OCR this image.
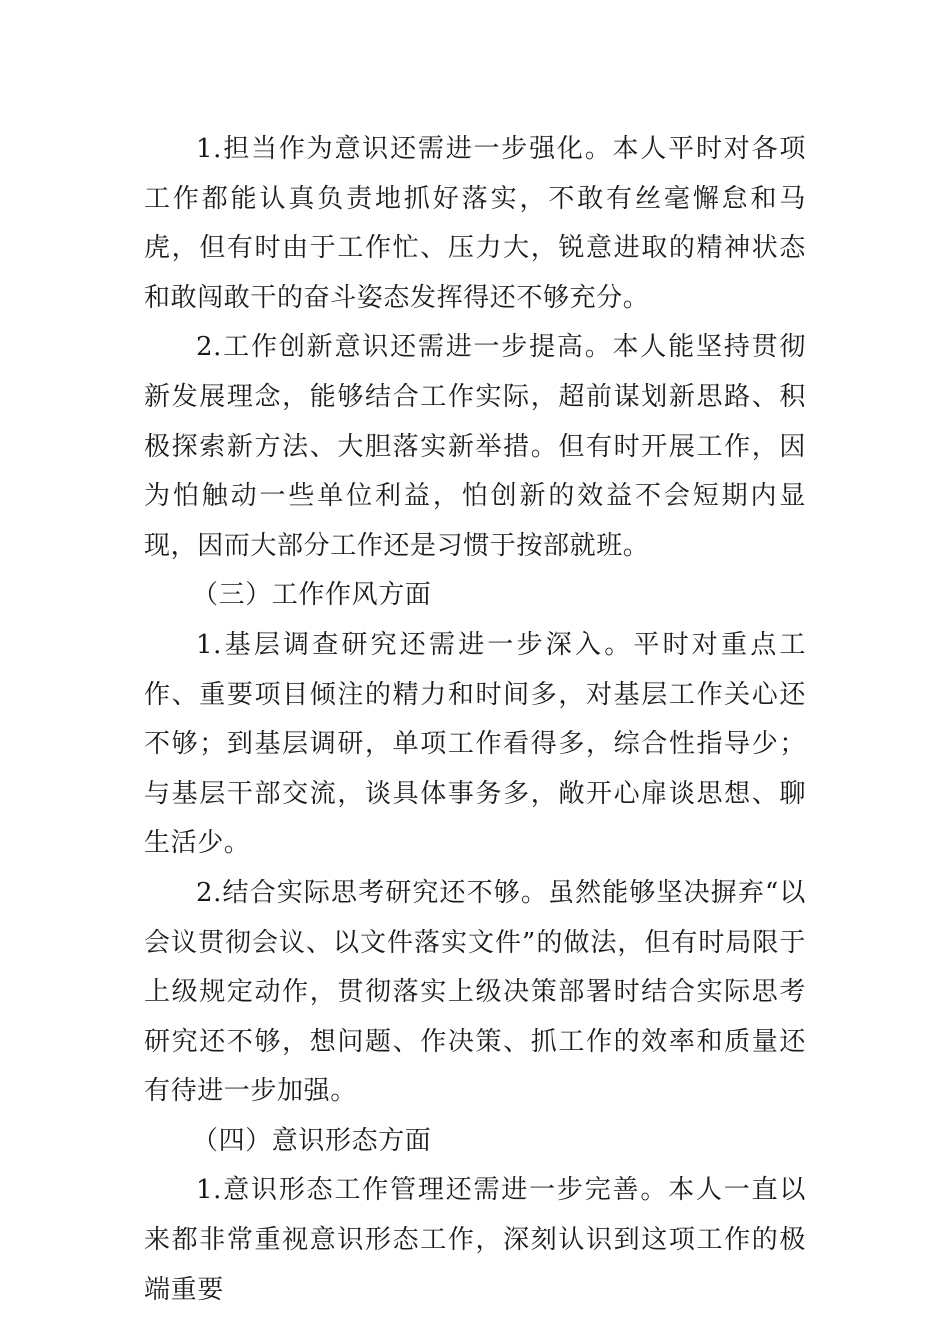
1.担当作为意识还需进一步强化。本人平时对各项工作都能认真负责地抓好落实，不敢有丝毫懈怠和马虎，但有时由于工作忙、压力大，锐意进取的精神状态和敢闯敢干的奋斗姿态发挥得还不够充分。

2.工作创新意识还需进一步提高。本人能坚持贯彻新发展理念，能够结合工作实际，超前谋划新思路、积极探索新方法、大胆落实新举措。但有时开展工作，因为怕触动一些单位利益，怕创新的效益不会短期内显现，因而大部分工作还是习惯于按部就班。

（三）工作作风方面

1.基层调查研究还需进一步深入。平时对重点工作、重要项目倾注的精力和时间多，对基层工作关心还不够；到基层调研，单项工作看得多，综合性指导少；与基层干部交流，谈具体事务多，敞开心扉谈思想、聊生活少。

2.结合实际思考研究还不够。虽然能够坚决摒弃“以会议贯彻会议、以文件落实文件”的做法，但有时局限于上级规定动作，贯彻落实上级决策部署时结合实际思考研究还不够，想问题、作决策、抓工作的效率和质量还有待进一步加强。

（四）意识形态方面

1.意识形态工作管理还需进一步完善。本人一直以来都非常重视意识形态工作，深刻认识到这项工作的极端重要
